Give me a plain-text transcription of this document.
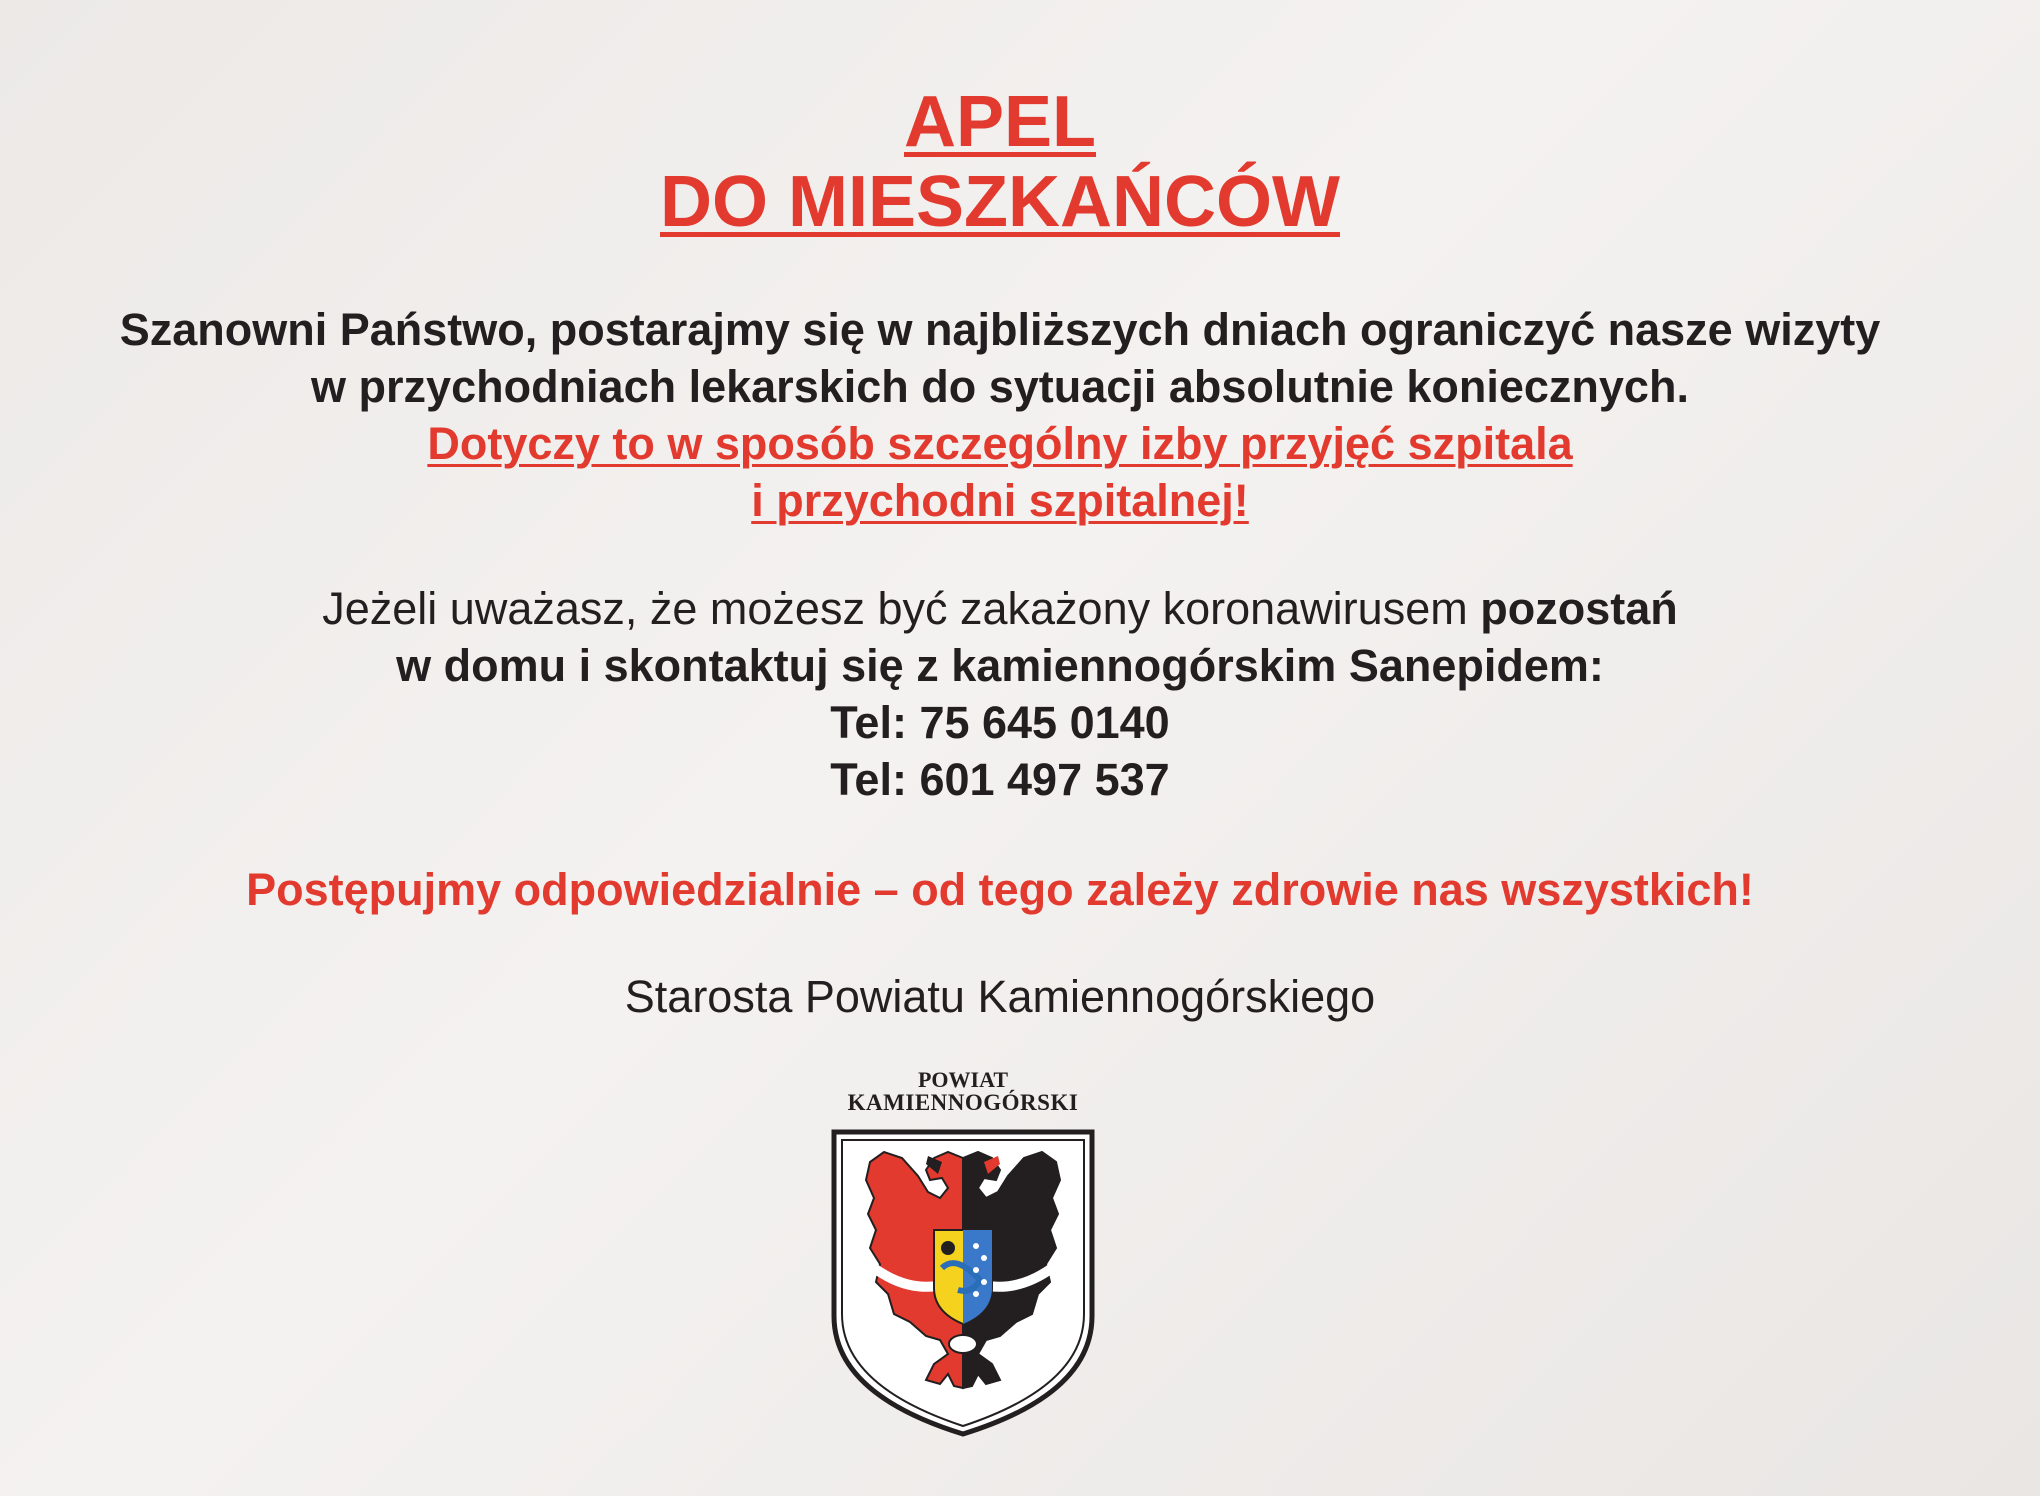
APEL
DO MIESZKAŃCÓW

Szanowni Państwo, postarajmy się w najbliższych dniach ograniczyć nasze wizyty
w przychodniach lekarskich do sytuacji absolutnie koniecznych.

Dotyczy to w sposób szczególny izby przyjęć szpitala
i przychodni szpitalnej!

Jeżeli uważasz, że możesz być zakażony koronawirusem pozostań
w domu i skontaktuj się z kamiennogórskim Sanepidem:
Tel: 75 645 0140
Tel: 601 497 537

Postępujmy odpowiedzialnie – od tego zależy zdrowie nas wszystkich!

Starosta Powiatu Kamiennogórskiego

POWIAT

KAMIENNOGÓRSKI
